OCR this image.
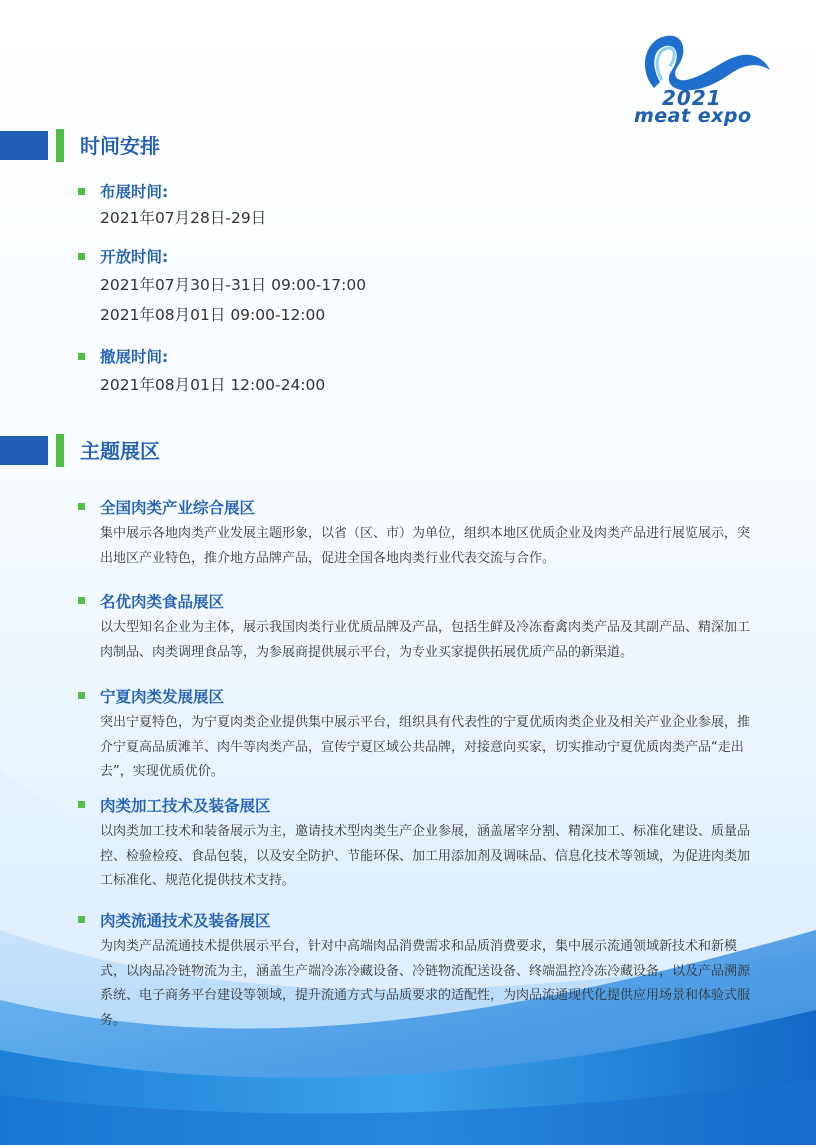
2021
meat expo
时间安排
布展时间:
2021年07月28日-29日
开放时间:
2021年07月30日-31日 09:00-17:00
2021年08月01日 09:00-12:00
撤展时间:
2021年08月01日 12:00-24:00
主题展区
全国肉类产业综合展区
集中展示各地肉类产业发展主题形象，以省（区、市）为单位，组织本地区优质企业及肉类产品进行展览展示，突出地区产业特色，推介地方品牌产品，促进全国各地肉类行业代表交流与合作。
名优肉类食品展区
以大型知名企业为主体，展示我国肉类行业优质品牌及产品，包括生鲜及冷冻畜禽肉类产品及其副产品、精深加工肉制品、肉类调理食品等，为参展商提供展示平台，为专业买家提供拓展优质产品的新渠道。
宁夏肉类发展展区
突出宁夏特色，为宁夏肉类企业提供集中展示平台，组织具有代表性的宁夏优质肉类企业及相关产业企业参展，推介宁夏高品质滩羊、肉牛等肉类产品，宣传宁夏区域公共品牌，对接意向买家，切实推动宁夏优质肉类产品“走出去”，实现优质优价。
肉类加工技术及装备展区
以肉类加工技术和装备展示为主，邀请技术型肉类生产企业参展，涵盖屠宰分割、精深加工、标准化建设、质量品控、检验检疫、食品包装，以及安全防护、节能环保、加工用添加剂及调味品、信息化技术等领域，为促进肉类加工标准化、规范化提供技术支持。
肉类流通技术及装备展区
为肉类产品流通技术提供展示平台，针对中高端肉品消费需求和品质消费要求，集中展示流通领域新技术和新模式，以肉品冷链物流为主，涵盖生产端冷冻冷藏设备、冷链物流配送设备、终端温控冷冻冷藏设备，以及产品溯源系统、电子商务平台建设等领域，提升流通方式与品质要求的适配性，为肉品流通现代化提供应用场景和体验式服务。
